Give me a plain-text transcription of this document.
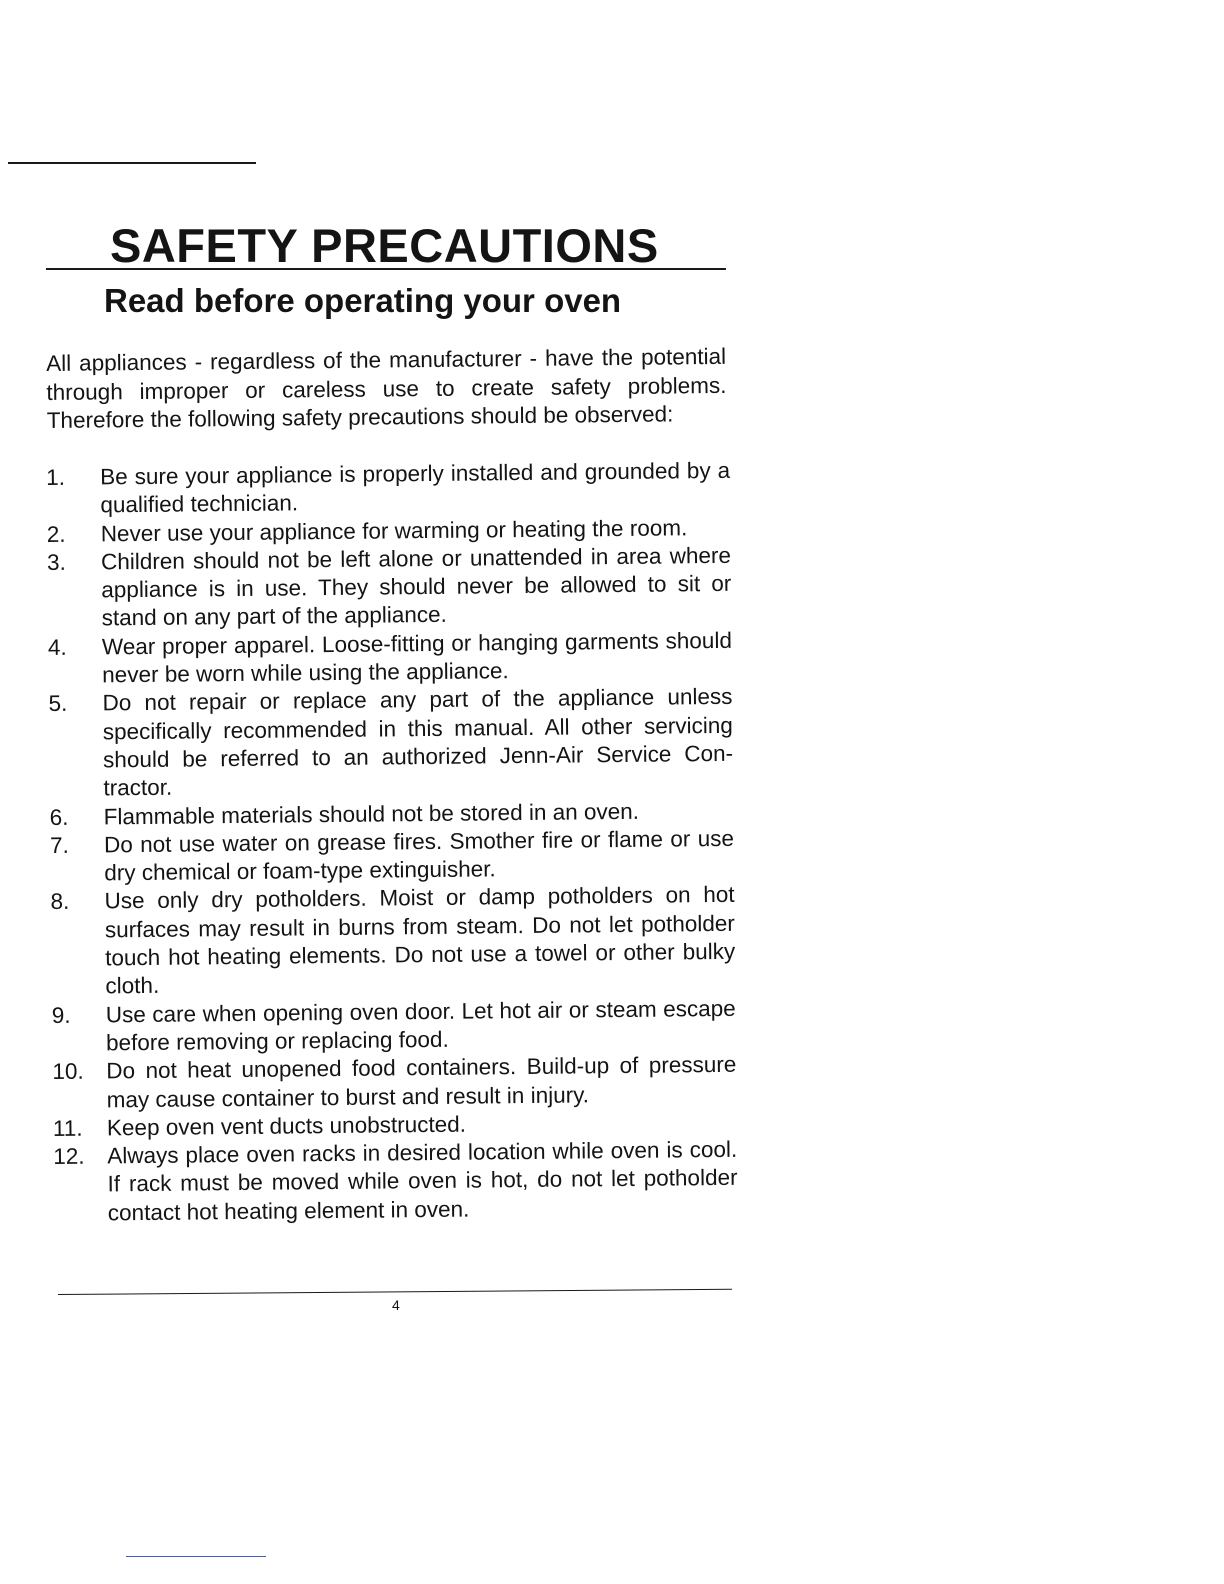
SAFETY PRECAUTIONS
Read before operating your oven

All appliances - regardless of the manufacturer - have the potential through improper or careless use to create safety problems. Therefore the following safety precautions should be observed:

1.	Be sure your appliance is properly installed and grounded by a qualified technician.
2.	Never use your appliance for warming or heating the room.
3.	Children should not be left alone or unattended in area where appliance is in use. They should never be allowed to sit or stand on any part of the appliance.
4.	Wear proper apparel. Loose-fitting or hanging garments should never be worn while using the appliance.
5.	Do not repair or replace any part of the appliance unless specifically recommended in this manual. All other servicing should be referred to an authorized Jenn-Air Service Con-tractor.
6.	Flammable materials should not be stored in an oven.
7.	Do not use water on grease fires. Smother fire or flame or use dry chemical or foam-type extinguisher.
8.	Use only dry potholders. Moist or damp potholders on hot surfaces may result in burns from steam. Do not let potholder touch hot heating elements. Do not use a towel or other bulky cloth.
9.	Use care when opening oven door. Let hot air or steam escape before removing or replacing food.
10. Do not heat unopened food containers. Build-up of pressure may cause container to burst and result in injury.
11.	Keep oven vent ducts unobstructed.
12. Always place oven racks in desired location while oven is cool. If rack must be moved while oven is hot, do not let potholder contact hot heating element in oven.
4
